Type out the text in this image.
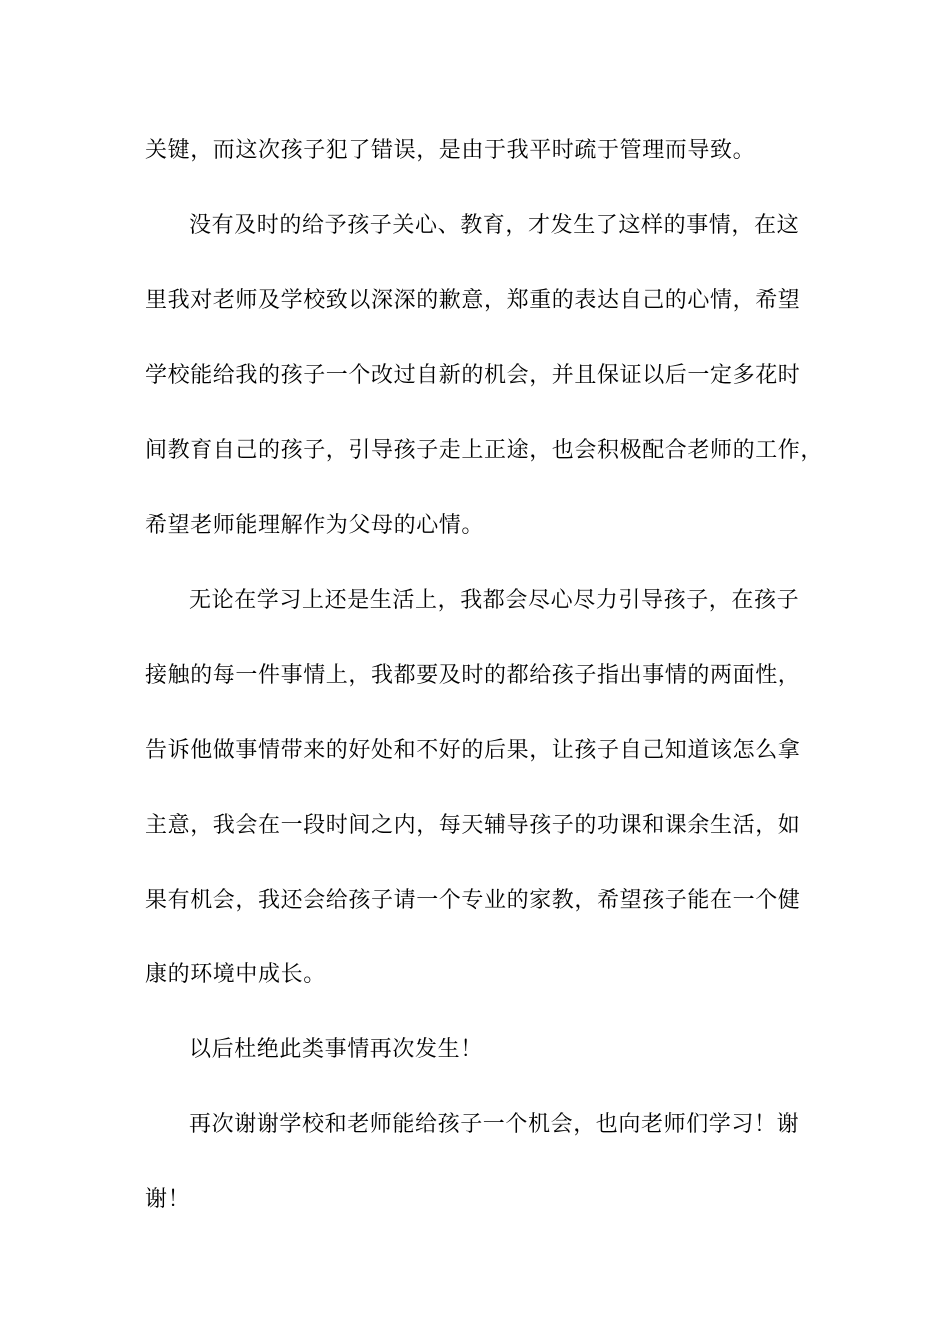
关键，而这次孩子犯了错误，是由于我平时疏于管理而导致。
没有及时的给予孩子关心、教育，才发生了这样的事情，在这
里我对老师及学校致以深深的歉意，郑重的表达自己的心情，希望
学校能给我的孩子一个改过自新的机会，并且保证以后一定多花时
间教育自己的孩子，引导孩子走上正途，也会积极配合老师的工作，
希望老师能理解作为父母的心情。
无论在学习上还是生活上，我都会尽心尽力引导孩子，在孩子
接触的每一件事情上，我都要及时的都给孩子指出事情的两面性，
告诉他做事情带来的好处和不好的后果，让孩子自己知道该怎么拿
主意，我会在一段时间之内，每天辅导孩子的功课和课余生活，如
果有机会，我还会给孩子请一个专业的家教，希望孩子能在一个健
康的环境中成长。
以后杜绝此类事情再次发生！
再次谢谢学校和老师能给孩子一个机会，也向老师们学习！谢
谢！
